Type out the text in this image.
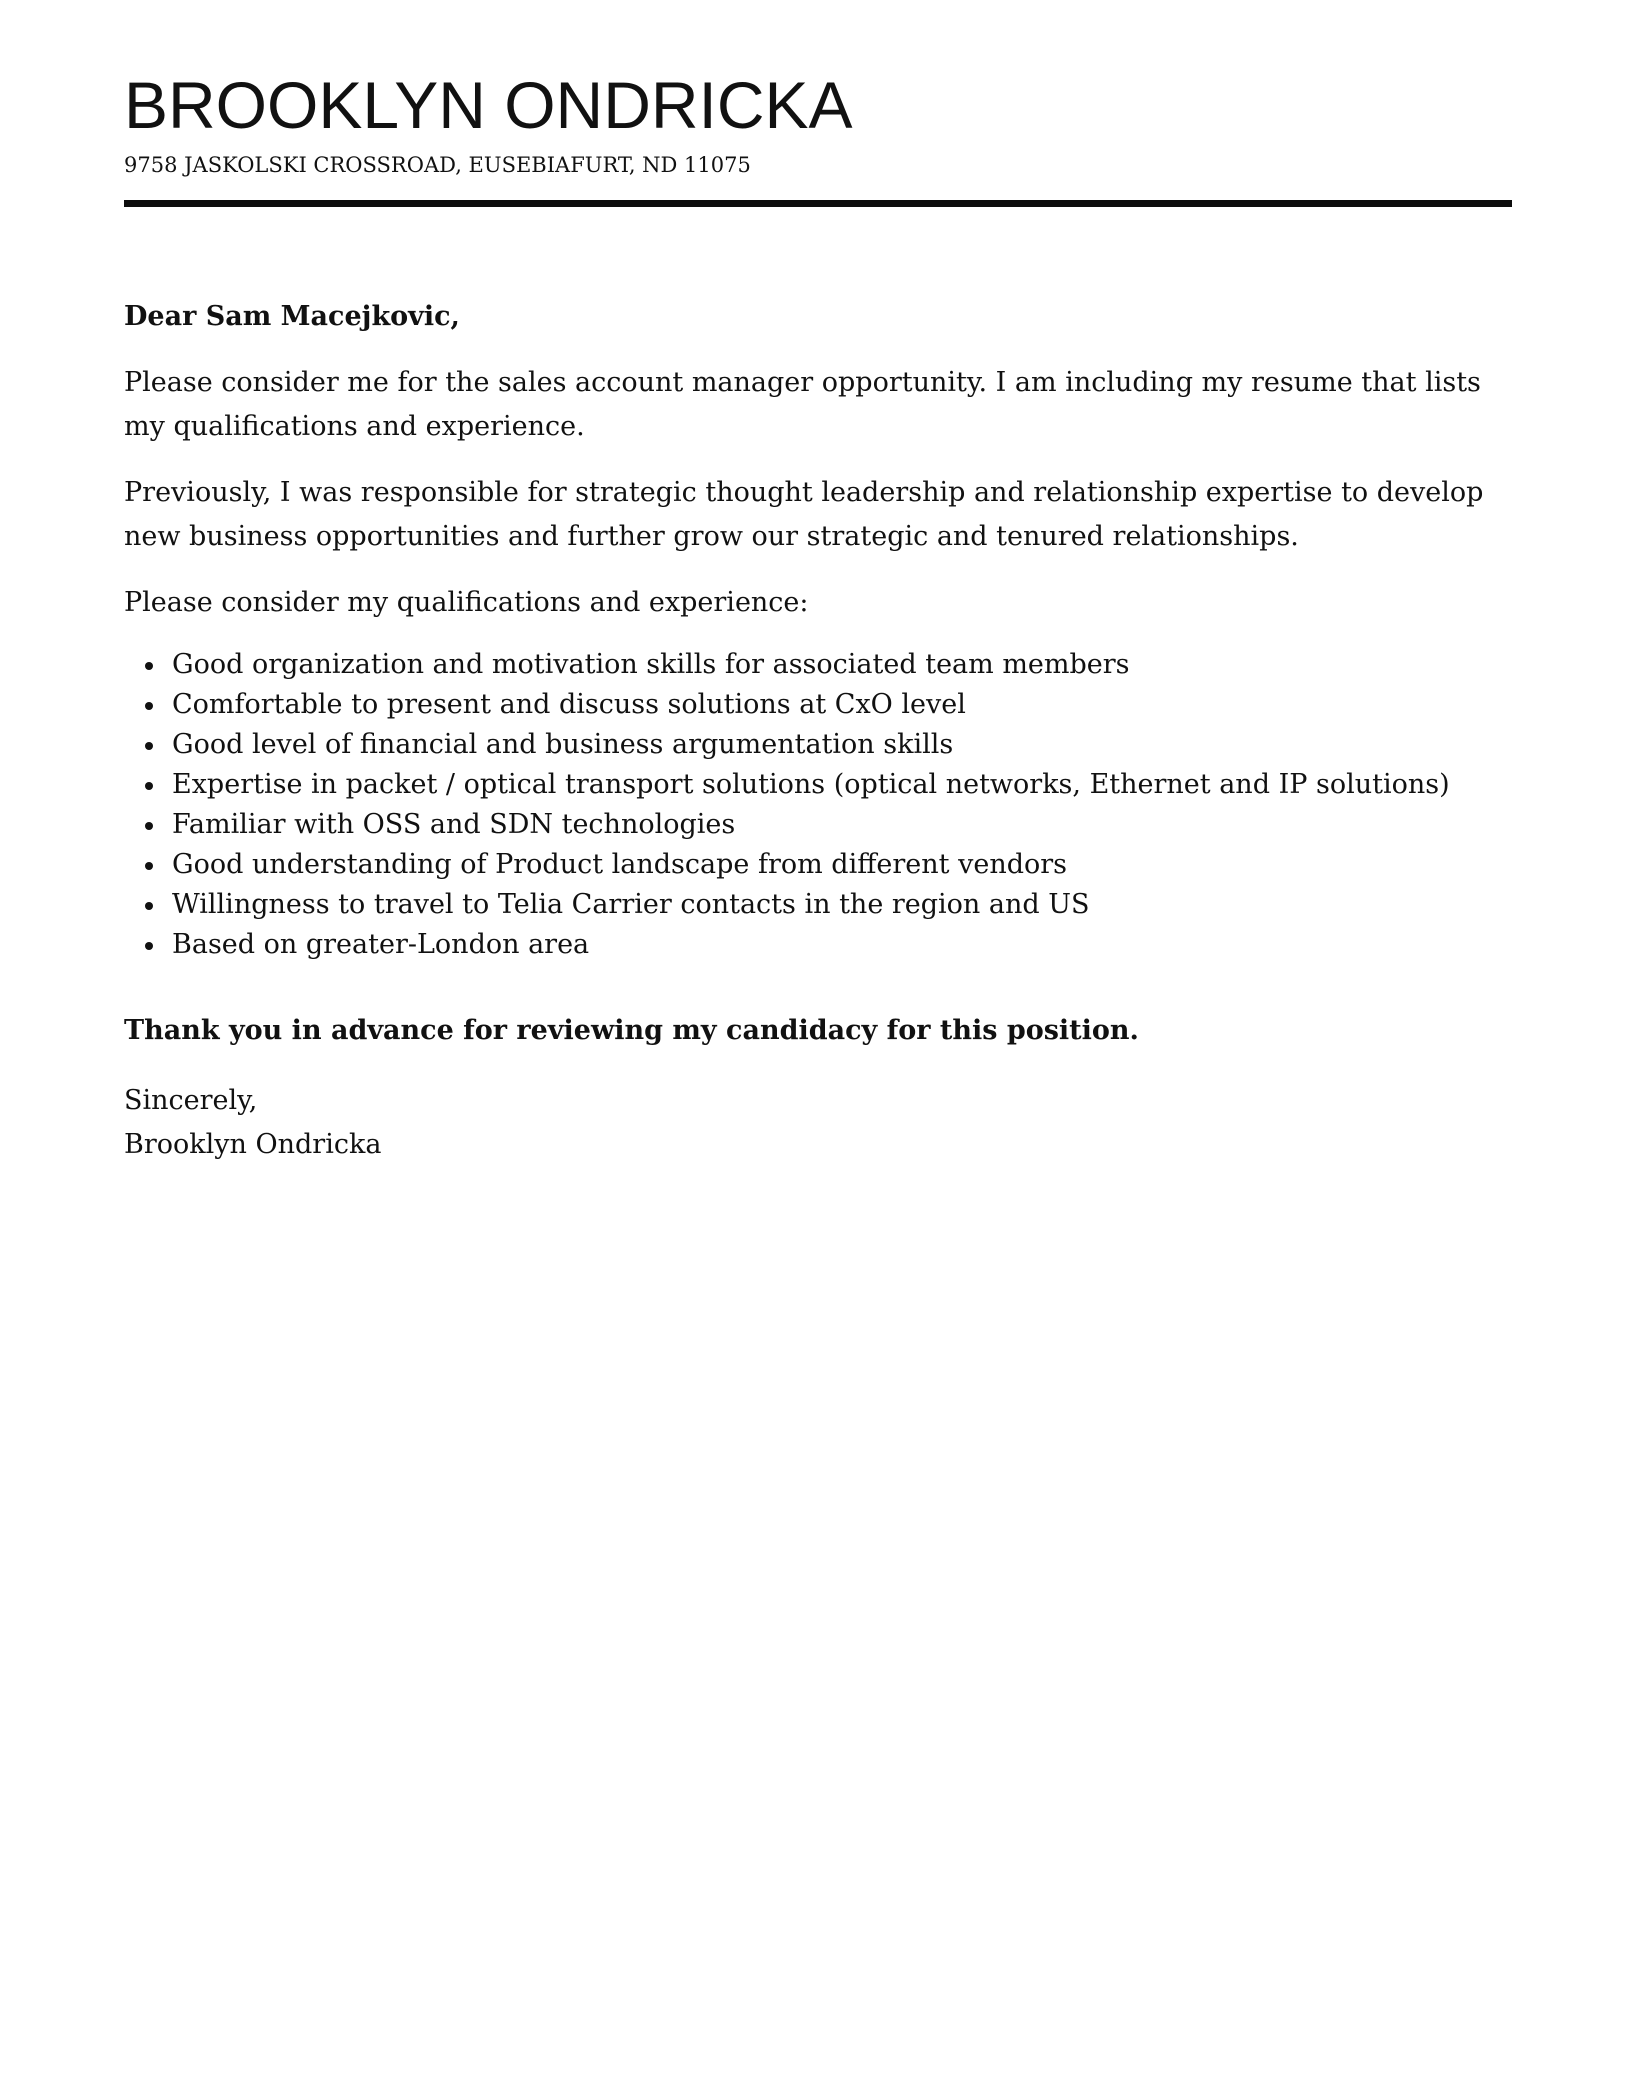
BROOKLYN ONDRICKA
9758 JASKOLSKI CROSSROAD, EUSEBIAFURT, ND 11075
Dear Sam Macejkovic,
Please consider me for the sales account manager opportunity. I am including my resume that lists my qualifications and experience.
Previously, I was responsible for strategic thought leadership and relationship expertise to develop new business opportunities and further grow our strategic and tenured relationships.
Please consider my qualifications and experience:
Good organization and motivation skills for associated team members
Comfortable to present and discuss solutions at CxO level
Good level of financial and business argumentation skills
Expertise in packet / optical transport solutions (optical networks, Ethernet and IP solutions)
Familiar with OSS and SDN technologies
Good understanding of Product landscape from different vendors
Willingness to travel to Telia Carrier contacts in the region and US
Based on greater-London area
Thank you in advance for reviewing my candidacy for this position.
Sincerely,
Brooklyn Ondricka
